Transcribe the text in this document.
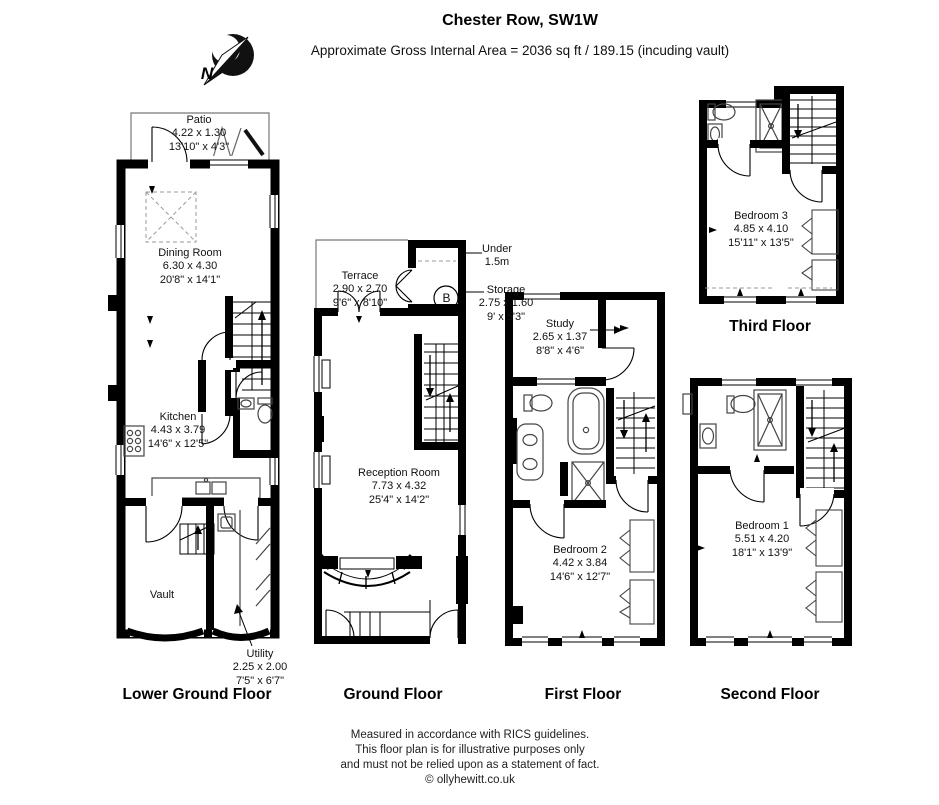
Chester Row, SW1W
Approximate Gross Internal Area = 2036 sq ft / 189.15 (incuding vault)
N
Patio
4.22 x 1.30
13'10" x 4'3"
Dining Room
6.30 x 4.30
20'8" x 14'1"
Kitchen
4.43 x 3.79
14'6" x 12'5"
Vault
Utility
2.25 x 2.00
7'5" x 6'7"
Lower Ground Floor
Terrace
2.90 x 2.70
9'6" x 8'10"
Under
1.5m
Storage
2.75 x 1.60
9' x 5'3"
B
Reception Room
7.73 x 4.32
25'4" x 14'2"
Ground Floor
Study
2.65 x 1.37
8'8" x 4'6"
Bedroom 2
4.42 x 3.84
14'6" x 12'7"
First Floor
Bedroom 1
5.51 x 4.20
18'1" x 13'9"
Second Floor
Bedroom 3
4.85 x 4.10
15'11" x 13'5"
Third Floor
Measured in accordance with RICS guidelines.
This floor plan is for illustrative purposes only
and must not be relied upon as a statement of fact.
© ollyhewitt.co.uk
